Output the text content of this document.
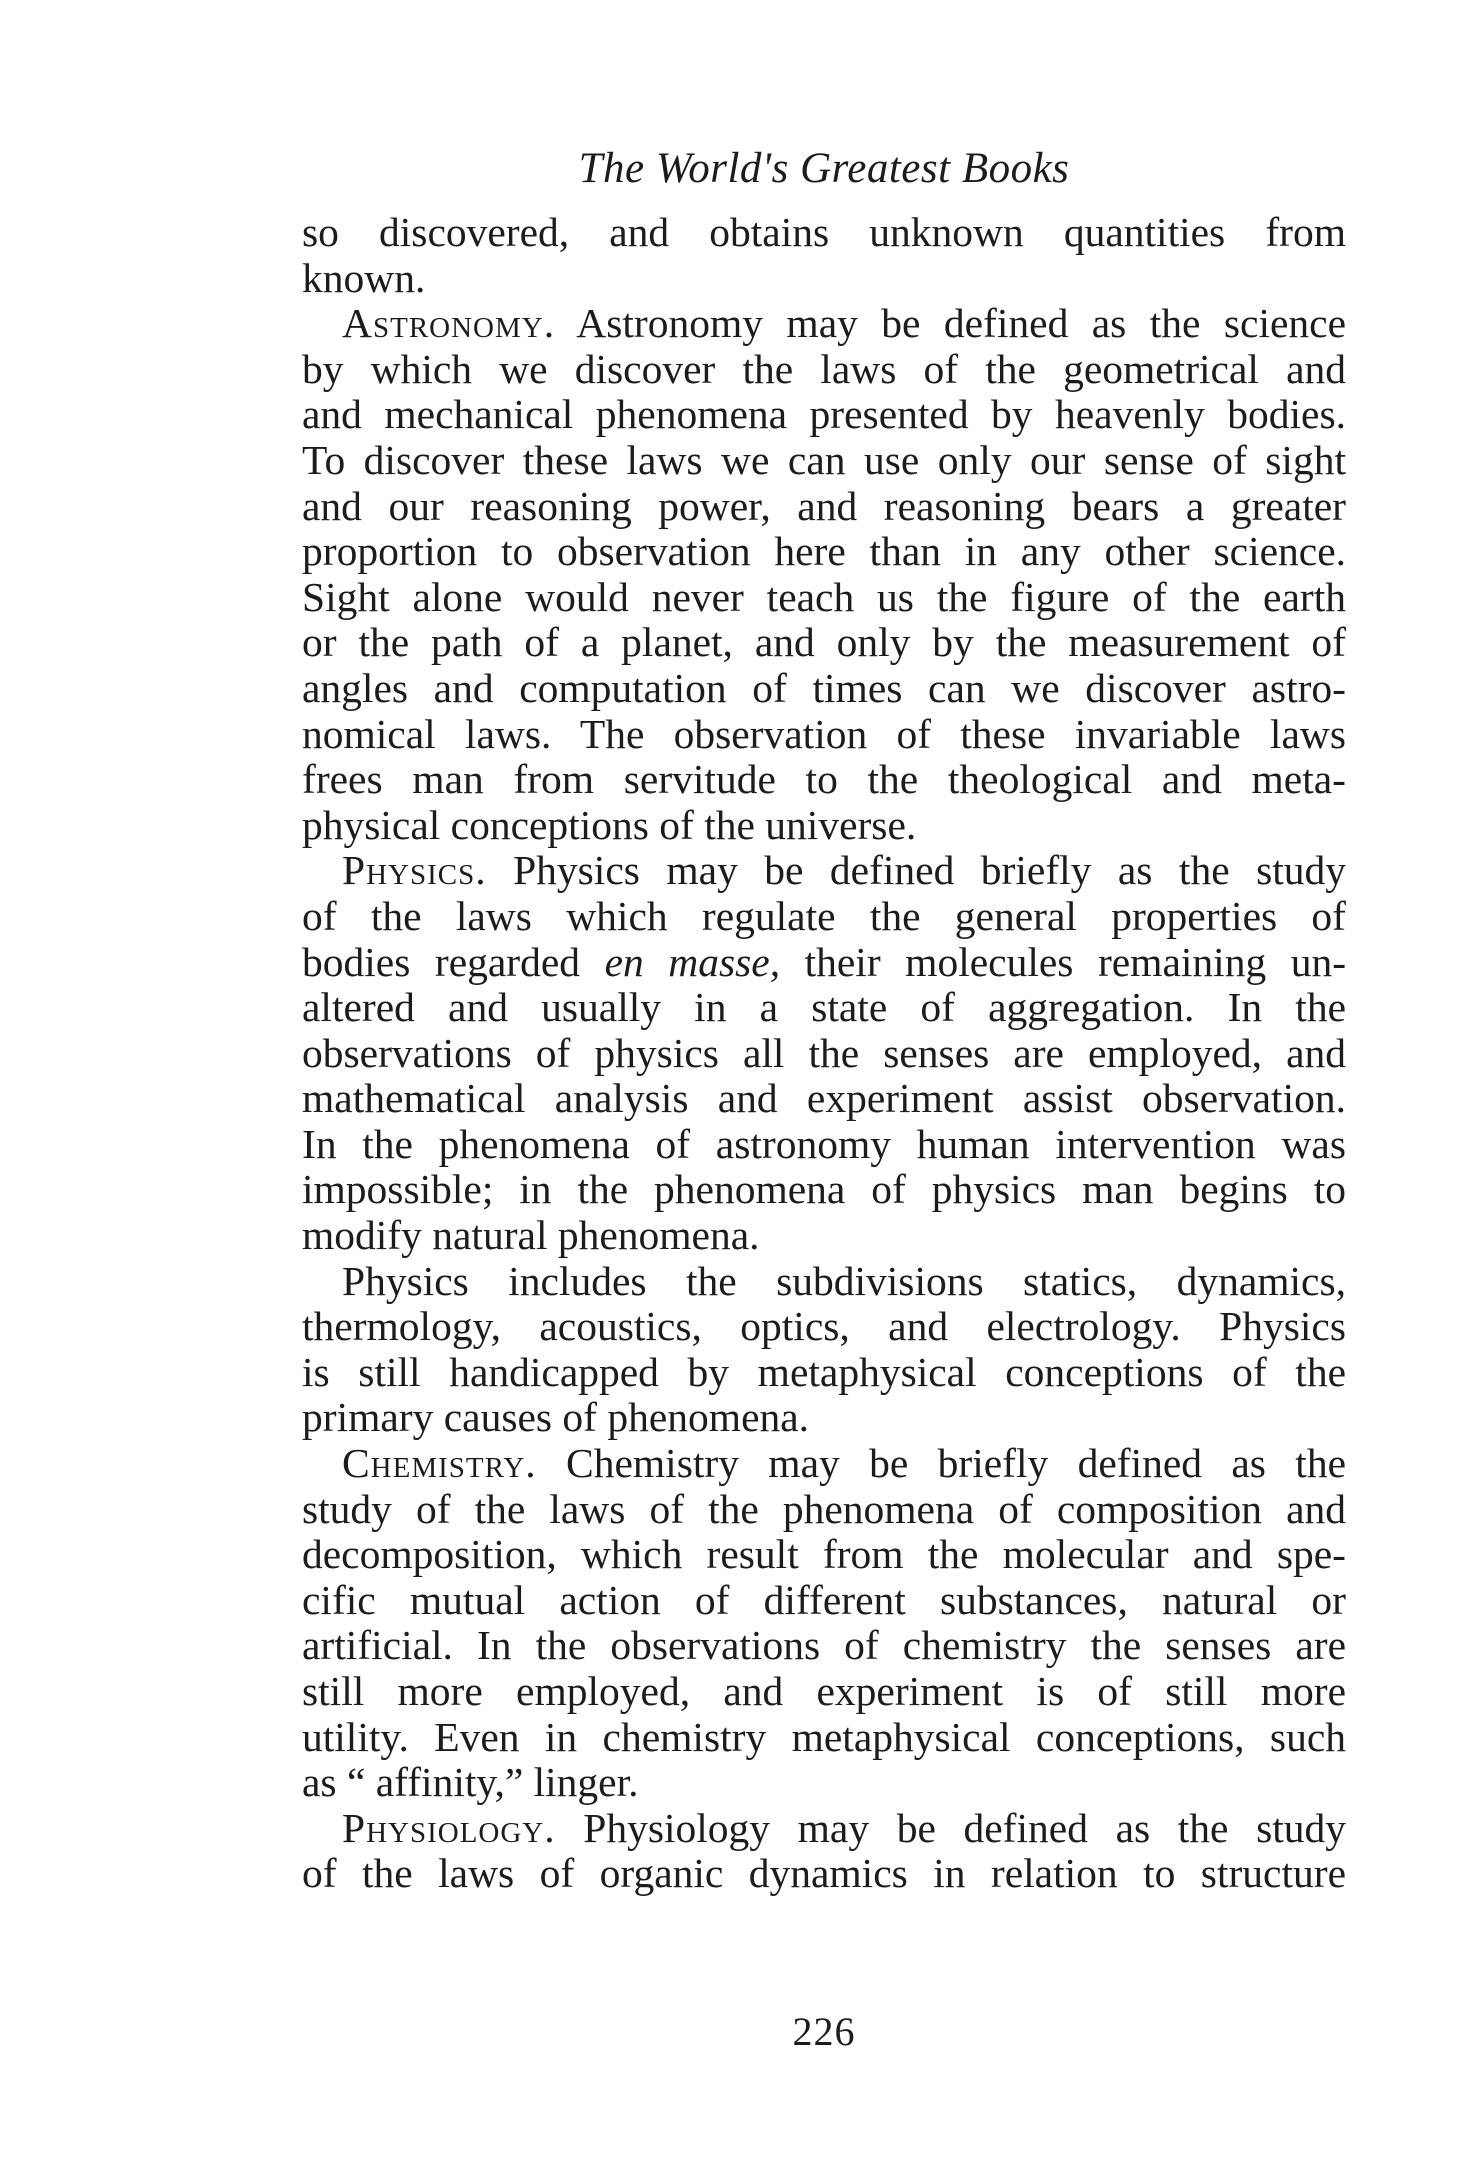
The World's Greatest Books
so discovered, and obtains unknown quantities from
known.
Astronomy. Astronomy may be defined as the science
by which we discover the laws of the geometrical and
and mechanical phenomena presented by heavenly bodies.
To discover these laws we can use only our sense of sight
and our reasoning power, and reasoning bears a greater
proportion to observation here than in any other science.
Sight alone would never teach us the figure of the earth
or the path of a planet, and only by the measurement of
angles and computation of times can we discover astro-
nomical laws. The observation of these invariable laws
frees man from servitude to the theological and meta-
physical conceptions of the universe.
Physics. Physics may be defined briefly as the study
of the laws which regulate the general properties of
bodies regarded en masse, their molecules remaining un-
altered and usually in a state of aggregation. In the
observations of physics all the senses are employed, and
mathematical analysis and experiment assist observation.
In the phenomena of astronomy human intervention was
impossible; in the phenomena of physics man begins to
modify natural phenomena.
Physics includes the subdivisions statics, dynamics,
thermology, acoustics, optics, and electrology. Physics
is still handicapped by metaphysical conceptions of the
primary causes of phenomena.
Chemistry. Chemistry may be briefly defined as the
study of the laws of the phenomena of composition and
decomposition, which result from the molecular and spe-
cific mutual action of different substances, natural or
artificial. In the observations of chemistry the senses are
still more employed, and experiment is of still more
utility. Even in chemistry metaphysical conceptions, such
as “ affinity,” linger.
Physiology. Physiology may be defined as the study
of the laws of organic dynamics in relation to structure
226
